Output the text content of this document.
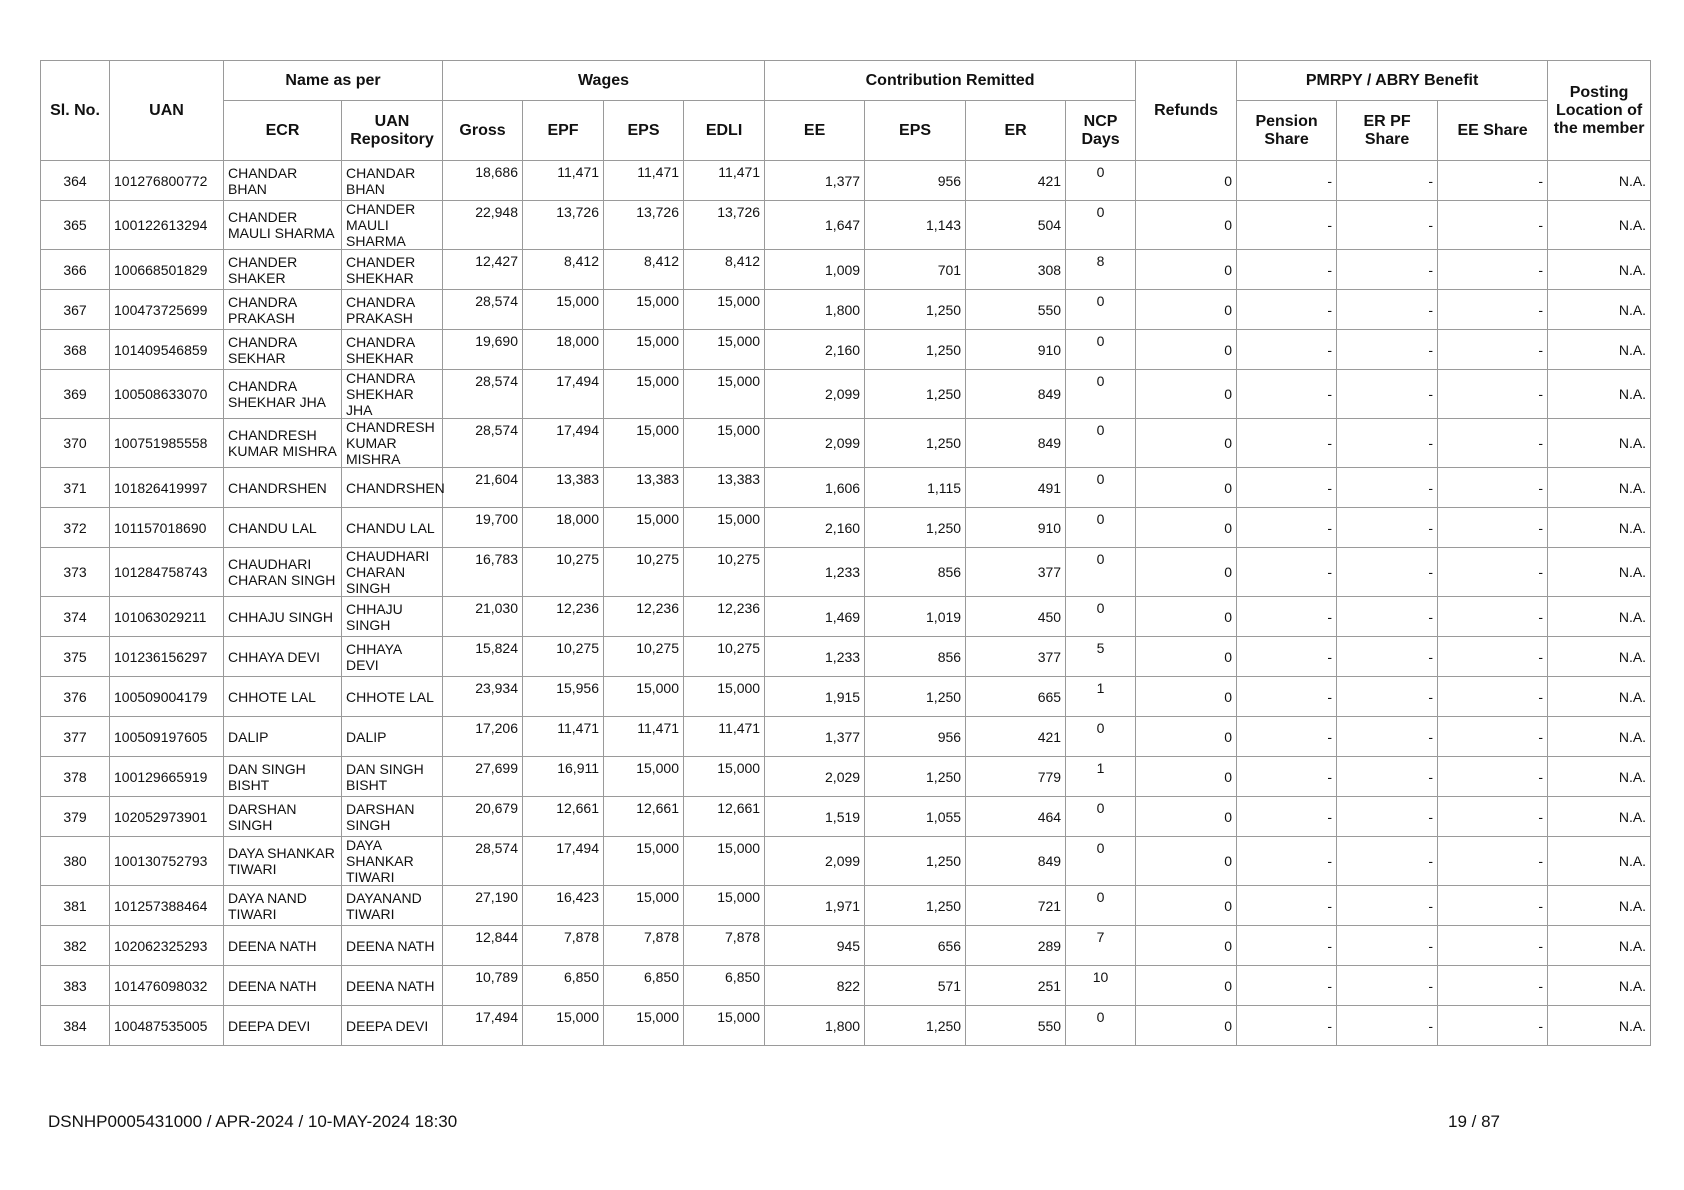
Sl. No.	UAN	Name as per		Wages				Contribution Remitted				Refunds	PMRPY / ABRY Benefit			Posting Location of the member
		ECR	UAN Repository	Gross	EPF	EPS	EDLI	EE	EPS	ER	NCP Days		Pension Share	ER PF Share	EE Share	
364	101276800772	CHANDAR BHAN	CHANDAR BHAN	18,686	11,471	11,471	11,471	1,377	956	421	0	0	-	-	-	N.A.
365	100122613294	CHANDER MAULI SHARMA	CHANDER MAULI SHARMA	22,948	13,726	13,726	13,726	1,647	1,143	504	0	0	-	-	-	N.A.
366	100668501829	CHANDER SHAKER	CHANDER SHEKHAR	12,427	8,412	8,412	8,412	1,009	701	308	8	0	-	-	-	N.A.
367	100473725699	CHANDRA PRAKASH	CHANDRA PRAKASH	28,574	15,000	15,000	15,000	1,800	1,250	550	0	0	-	-	-	N.A.
368	101409546859	CHANDRA SEKHAR	CHANDRA SHEKHAR	19,690	18,000	15,000	15,000	2,160	1,250	910	0	0	-	-	-	N.A.
369	100508633070	CHANDRA SHEKHAR JHA	CHANDRA SHEKHAR JHA	28,574	17,494	15,000	15,000	2,099	1,250	849	0	0	-	-	-	N.A.
370	100751985558	CHANDRESH KUMAR MISHRA	CHANDRESH KUMAR MISHRA	28,574	17,494	15,000	15,000	2,099	1,250	849	0	0	-	-	-	N.A.
371	101826419997	CHANDRSHEN	CHANDRSHEN	21,604	13,383	13,383	13,383	1,606	1,115	491	0	0	-	-	-	N.A.
372	101157018690	CHANDU LAL	CHANDU LAL	19,700	18,000	15,000	15,000	2,160	1,250	910	0	0	-	-	-	N.A.
373	101284758743	CHAUDHARI CHARAN SINGH	CHAUDHARI CHARAN SINGH	16,783	10,275	10,275	10,275	1,233	856	377	0	0	-	-	-	N.A.
374	101063029211	CHHAJU SINGH	CHHAJU SINGH	21,030	12,236	12,236	12,236	1,469	1,019	450	0	0	-	-	-	N.A.
375	101236156297	CHHAYA DEVI	CHHAYA DEVI	15,824	10,275	10,275	10,275	1,233	856	377	5	0	-	-	-	N.A.
376	100509004179	CHHOTE LAL	CHHOTE LAL	23,934	15,956	15,000	15,000	1,915	1,250	665	1	0	-	-	-	N.A.
377	100509197605	DALIP	DALIP	17,206	11,471	11,471	11,471	1,377	956	421	0	0	-	-	-	N.A.
378	100129665919	DAN SINGH BISHT	DAN SINGH BISHT	27,699	16,911	15,000	15,000	2,029	1,250	779	1	0	-	-	-	N.A.
379	102052973901	DARSHAN SINGH	DARSHAN SINGH	20,679	12,661	12,661	12,661	1,519	1,055	464	0	0	-	-	-	N.A.
380	100130752793	DAYA SHANKAR TIWARI	DAYA SHANKAR TIWARI	28,574	17,494	15,000	15,000	2,099	1,250	849	0	0	-	-	-	N.A.
381	101257388464	DAYA NAND TIWARI	DAYANAND TIWARI	27,190	16,423	15,000	15,000	1,971	1,250	721	0	0	-	-	-	N.A.
382	102062325293	DEENA NATH	DEENA NATH	12,844	7,878	7,878	7,878	945	656	289	7	0	-	-	-	N.A.
383	101476098032	DEENA NATH	DEENA NATH	10,789	6,850	6,850	6,850	822	571	251	10	0	-	-	-	N.A.
384	100487535005	DEEPA DEVI	DEEPA DEVI	17,494	15,000	15,000	15,000	1,800	1,250	550	0	0	-	-	-	N.A.
DSNHP0005431000 / APR-2024 / 10-MAY-2024 18:30	19 / 87
